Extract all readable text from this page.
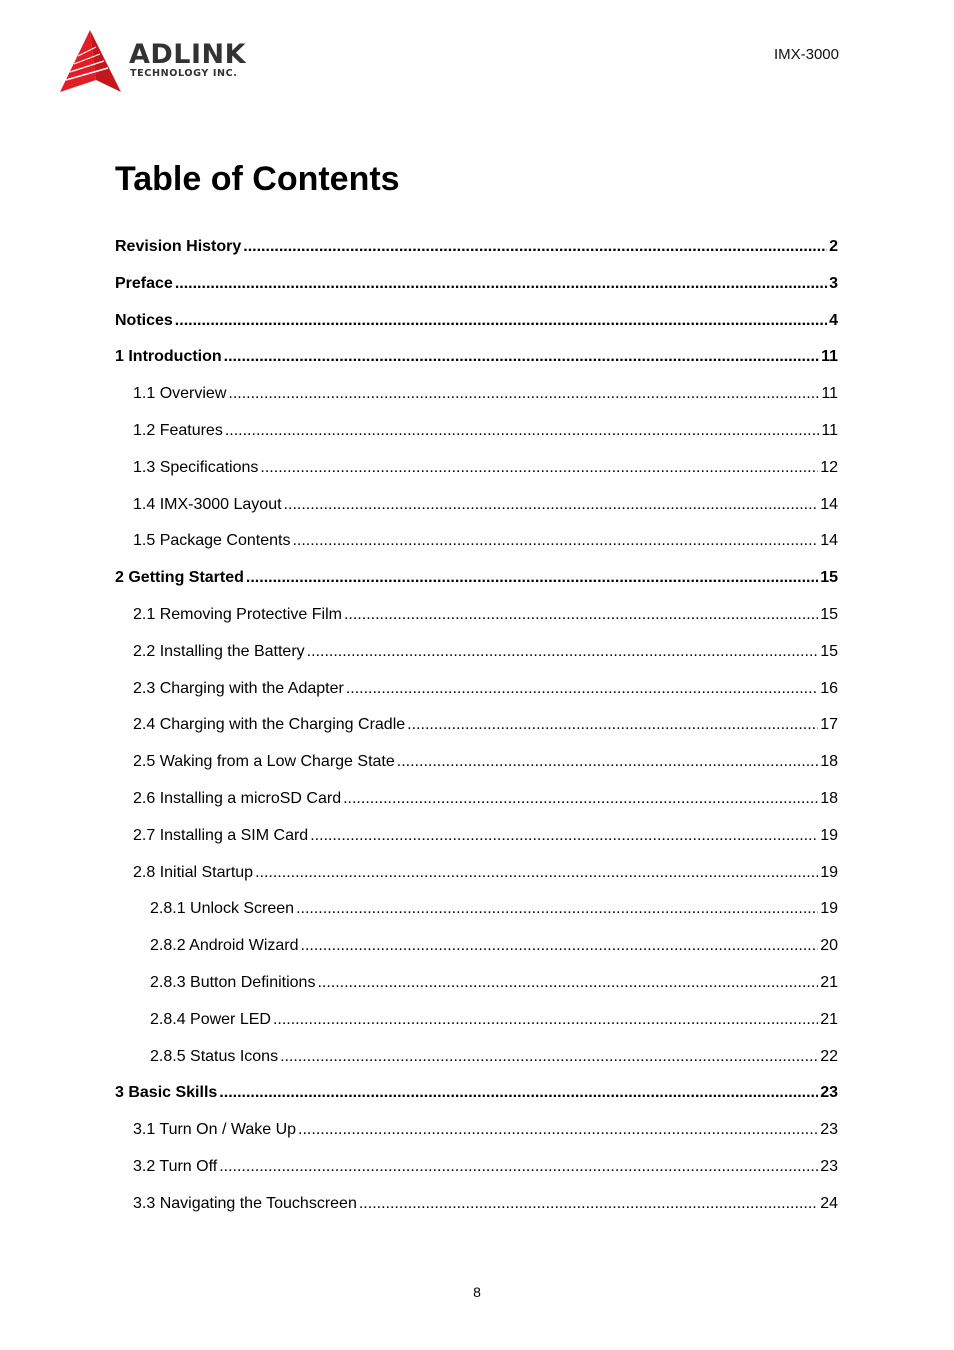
ADLINK
TECHNOLOGY INC.
IMX-3000
Table of Contents
Revision History .....	2
Preface .....	3
Notices .....	4
1 Introduction .....	11
1.1 Overview .....	11
1.2 Features .....	11
1.3 Specifications .....	12
1.4 IMX-3000 Layout .....	14
1.5 Package Contents .....	14
2 Getting Started .....	15
2.1 Removing Protective Film .....	15
2.2 Installing the Battery .....	15
2.3 Charging with the Adapter .....	16
2.4 Charging with the Charging Cradle .....	17
2.5 Waking from a Low Charge State .....	18
2.6 Installing a microSD Card .....	18
2.7 Installing a SIM Card .....	19
2.8 Initial Startup .....	19
2.8.1 Unlock Screen .....	19
2.8.2 Android Wizard .....	20
2.8.3 Button Definitions .....	21
2.8.4 Power LED .....	21
2.8.5 Status Icons .....	22
3 Basic Skills .....	23
3.1 Turn On / Wake Up .....	23
3.2 Turn Off .....	23
3.3 Navigating the Touchscreen .....	24
8
